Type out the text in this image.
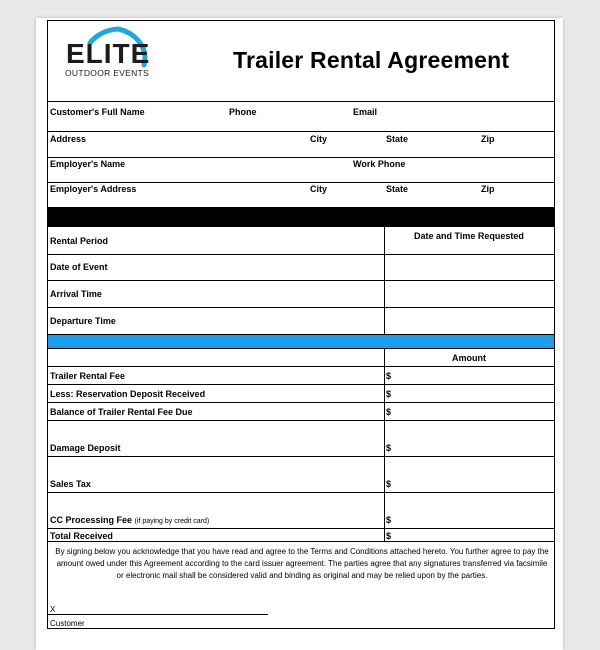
ELITE
OUTDOOR EVENTS	Trailer Rental Agreement
Customer's Full Name	Phone	Email
Address	City	State	Zip
Employer's Name	Work Phone
Employer's Address	City	State	Zip
Date and Time Requested
Rental Period
Date of Event
Arrival Time
Departure Time
Amount
Trailer Rental Fee	$
Less: Reservation Deposit Received	$
Balance of Trailer Rental Fee Due	$
Damage Deposit	$
Sales Tax	$
CC Processing Fee (if paying by credit card)	$
Total Received	$
By signing below you acknowledge that you have read and agree to the Terms and Conditions attached hereto. You further agree to pay the amount owed under this Agreement according to the card issuer agreement. The parties agree that any signatures transferred via facsimile or electronic mail shall be considered valid and binding as original and may be relied upon by the parties.
X
Customer
